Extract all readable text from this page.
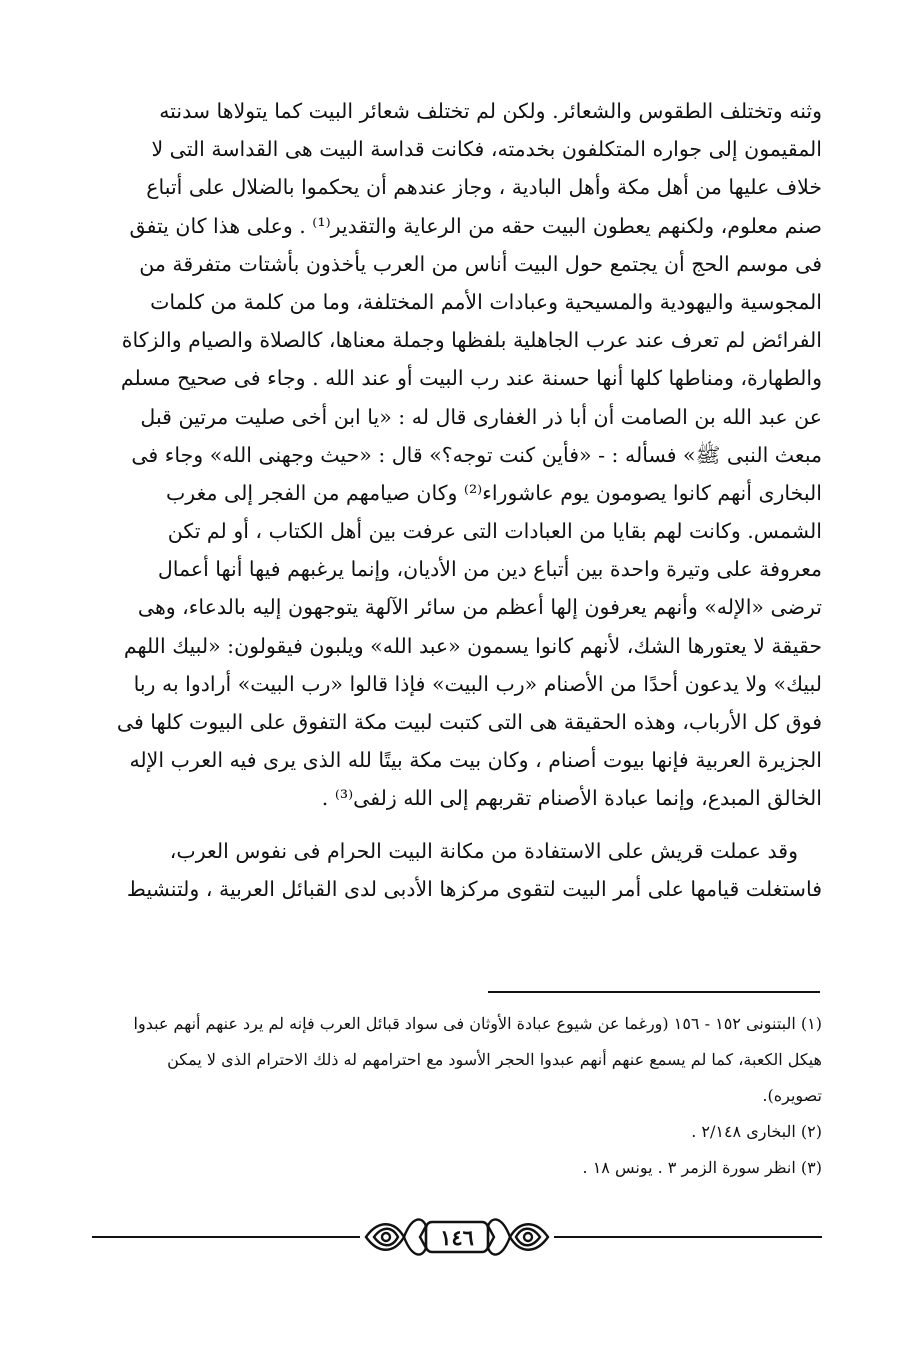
وثنه وتختلف الطقوس والشعائر. ولكن لم تختلف شعائر البيت كما يتولاها سدنته
المقيمون إلى جواره المتكلفون بخدمته، فكانت قداسة البيت هى القداسة التى لا
خلاف عليها من أهل مكة وأهل البادية ، وجاز عندهم أن يحكموا بالضلال على أتباع
صنم معلوم، ولكنهم يعطون البيت حقه من الرعاية والتقدير⁽¹⁾ . وعلى هذا كان يتفق
فى موسم الحج أن يجتمع حول البيت أناس من العرب يأخذون بأشتات متفرقة من
المجوسية واليهودية والمسيحية وعبادات الأمم المختلفة، وما من كلمة من كلمات
الفرائض لم تعرف عند عرب الجاهلية بلفظها وجملة معناها، كالصلاة والصيام والزكاة
والطهارة، ومناطها كلها أنها حسنة عند رب البيت أو عند الله . وجاء فى صحيح مسلم
عن عبد الله بن الصامت أن أبا ذر الغفارى قال له : «يا ابن أخى صليت مرتين قبل
مبعث النبى ﷺ» فسأله : - «فأين كنت توجه؟» قال : «حيث وجهنى الله» وجاء فى
البخارى أنهم كانوا يصومون يوم عاشوراء⁽²⁾ وكان صيامهم من الفجر إلى مغرب
الشمس. وكانت لهم بقايا من العبادات التى عرفت بين أهل الكتاب ، أو لم تكن
معروفة على وتيرة واحدة بين أتباع دين من الأديان، وإنما يرغبهم فيها أنها أعمال
ترضى «الإله» وأنهم يعرفون إلها أعظم من سائر الآلهة يتوجهون إليه بالدعاء، وهى
حقيقة لا يعتورها الشك، لأنهم كانوا يسمون «عبد الله» ويلبون فيقولون: «لبيك اللهم
لبيك» ولا يدعون أحدًا من الأصنام «رب البيت» فإذا قالوا «رب البيت» أرادوا به ربا
فوق كل الأرباب، وهذه الحقيقة هى التى كتبت لبيت مكة التفوق على البيوت كلها فى
الجزيرة العربية فإنها بيوت أصنام ، وكان بيت مكة بيتًا لله الذى يرى فيه العرب الإله
الخالق المبدع، وإنما عبادة الأصنام تقربهم إلى الله زلفى⁽³⁾ .
وقد عملت قريش على الاستفادة من مكانة البيت الحرام فى نفوس العرب،
فاستغلت قيامها على أمر البيت لتقوى مركزها الأدبى لدى القبائل العربية ، ولتنشيط
(١) البتنونى ١٥٢ - ١٥٦ (ورغما عن شيوع عبادة الأوثان فى سواد قبائل العرب فإنه لم يرد عنهم أنهم عبدوا
هيكل الكعبة، كما لم يسمع عنهم أنهم عبدوا الحجر الأسود مع احترامهم له ذلك الاحترام الذى لا يمكن
تصويره).
(٢) البخارى ٢/١٤٨ .
(٣) انظر سورة الزمر ٣ . يونس ١٨ .
١٤٦
